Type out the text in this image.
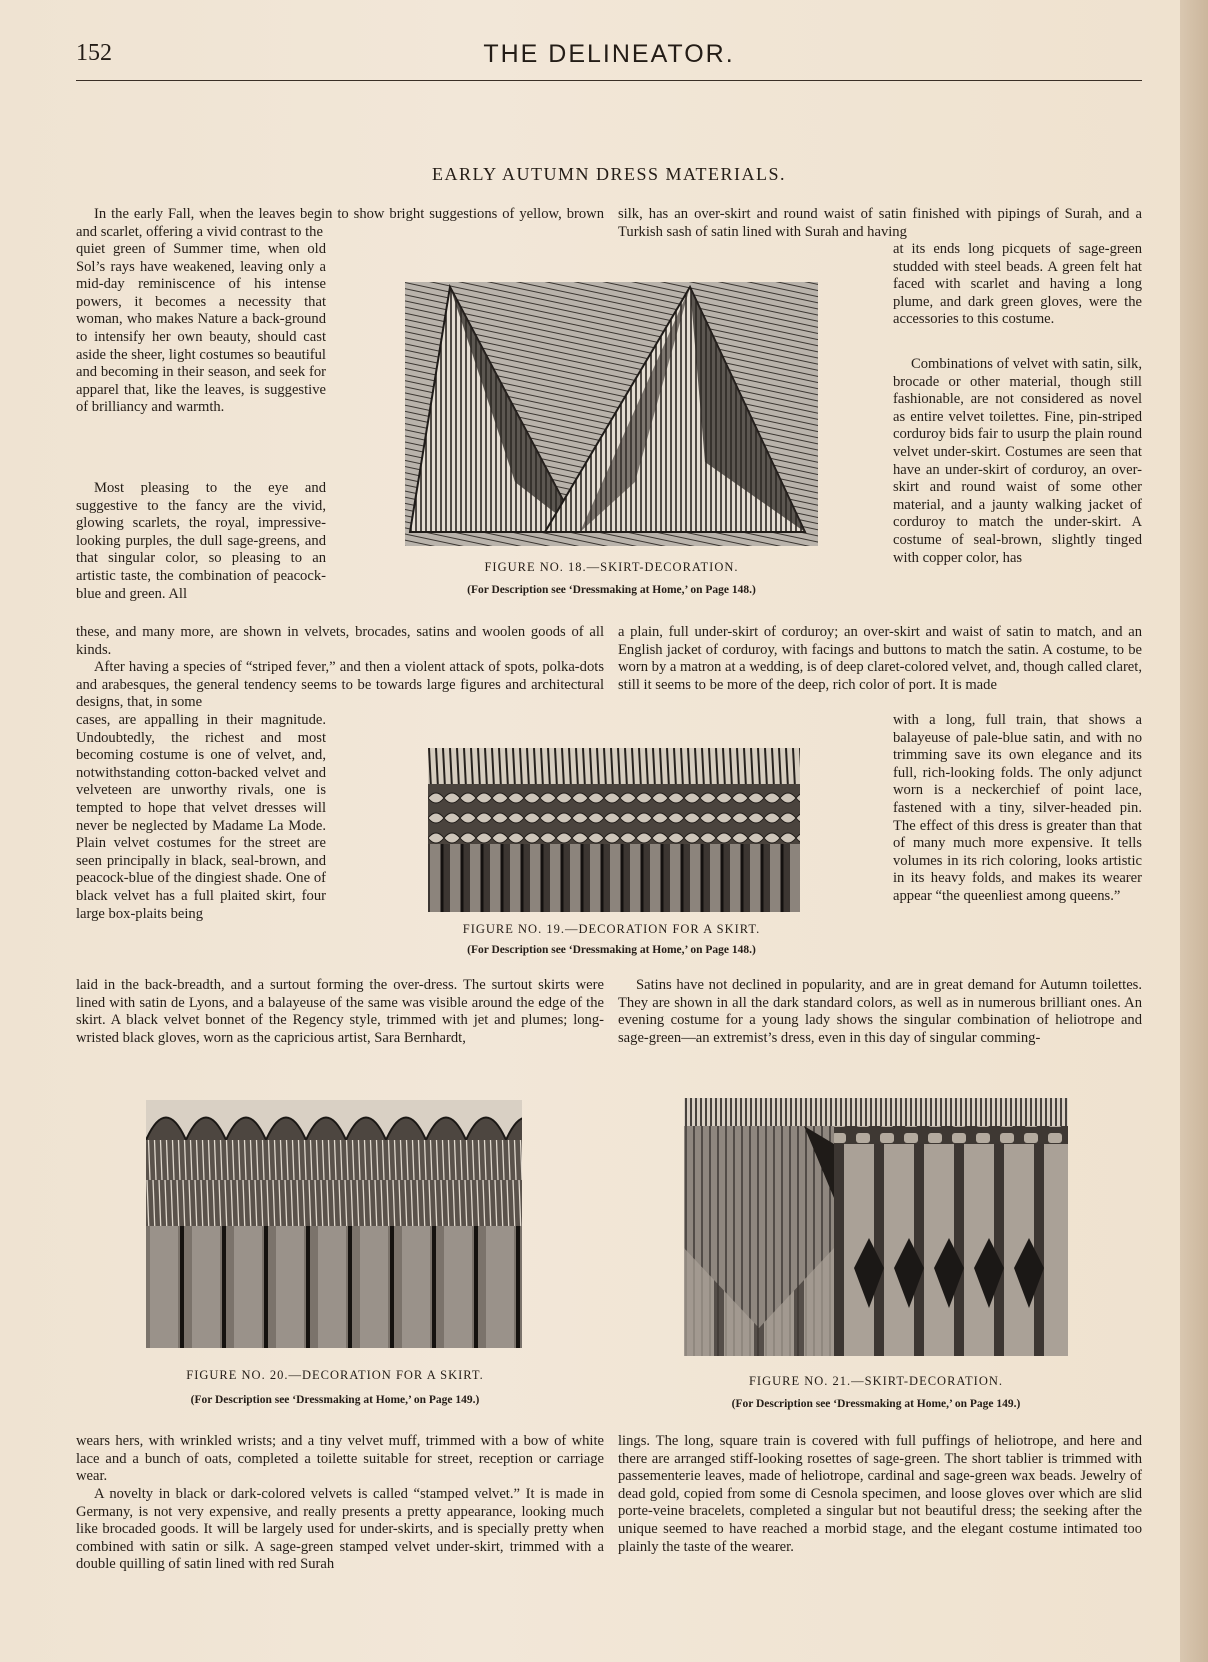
152	THE DELINEATOR.
EARLY AUTUMN DRESS MATERIALS.

In the early Fall, when the leaves begin to show bright suggestions of yellow, brown and scarlet, offering a vivid contrast to the

quiet green of Summer time, when old Sol’s rays have weakened, leaving only a mid-day reminiscence of his intense powers, it becomes a necessity that woman, who makes Nature a back-ground to intensify her own beauty, should cast aside the sheer, light costumes so beautiful and becoming in their season, and seek for apparel that, like the leaves, is suggestive of brilliancy and warmth.

Most pleasing to the eye and suggestive to the fancy are the vivid, glowing scarlets, the royal, impressive-looking purples, the dull sage-greens, and that singular color, so pleasing to an artistic taste, the combination of peacock-blue and green. All

these, and many more, are shown in velvets, brocades, satins and woolen goods of all kinds.

After having a species of “striped fever,” and then a violent attack of spots, polka-dots and arabesques, the general tendency seems to be towards large figures and architectural designs, that, in some

cases, are appalling in their magnitude. Undoubtedly, the richest and most becoming costume is one of velvet, and, notwithstanding cotton-backed velvet and velveteen are unworthy rivals, one is tempted to hope that velvet dresses will never be neglected by Madame La Mode. Plain velvet costumes for the street are seen principally in black, seal-brown, and peacock-blue of the dingiest shade. One of black velvet has a full plaited skirt, four large box-plaits being

laid in the back-breadth, and a surtout forming the over-dress. The surtout skirts were lined with satin de Lyons, and a balayeuse of the same was visible around the edge of the skirt. A black velvet bonnet of the Regency style, trimmed with jet and plumes; long-wristed black gloves, worn as the capricious artist, Sara Bernhardt,

silk, has an over-skirt and round waist of satin finished with pipings of Surah, and a Turkish sash of satin lined with Surah and having

at its ends long picquets of sage-green studded with steel beads. A green felt hat faced with scarlet and having a long plume, and dark green gloves, were the accessories to this costume.

Combinations of velvet with satin, silk, brocade or other material, though still fashionable, are not considered as novel as entire velvet toilettes. Fine, pin-striped corduroy bids fair to usurp the plain round velvet under-skirt. Costumes are seen that have an under-skirt of corduroy, an over-skirt and round waist of some other material, and a jaunty walking jacket of corduroy to match the under-skirt. A costume of seal-brown, slightly tinged with copper color, has

a plain, full under-skirt of corduroy; an over-skirt and waist of satin to match, and an English jacket of corduroy, with facings and buttons to match the satin. A costume, to be worn by a matron at a wedding, is of deep claret-colored velvet, and, though called claret, still it seems to be more of the deep, rich color of port. It is made

with a long, full train, that shows a balayeuse of pale-blue satin, and with no trimming save its own elegance and its full, rich-looking folds. The only adjunct worn is a neckerchief of point lace, fastened with a tiny, silver-headed pin. The effect of this dress is greater than that of many much more expensive. It tells volumes in its rich coloring, looks artistic in its heavy folds, and makes its wearer appear “the queenliest among queens.”

Satins have not declined in popularity, and are in great demand for Autumn toilettes. They are shown in all the dark standard colors, as well as in numerous brilliant ones. An evening costume for a young lady shows the singular combination of heliotrope and sage-green—an extremist’s dress, even in this day of singular comming-

wears hers, with wrinkled wrists; and a tiny velvet muff, trimmed with a bow of white lace and a bunch of oats, completed a toilette suitable for street, reception or carriage wear.

A novelty in black or dark-colored velvets is called “stamped velvet.” It is made in Germany, is not very expensive, and really presents a pretty appearance, looking much like brocaded goods. It will be largely used for under-skirts, and is specially pretty when combined with satin or silk. A sage-green stamped velvet under-skirt, trimmed with a double quilling of satin lined with red Surah

lings. The long, square train is covered with full puffings of heliotrope, and here and there are arranged stiff-looking rosettes of sage-green. The short tablier is trimmed with passementerie leaves, made of heliotrope, cardinal and sage-green wax beads. Jewelry of dead gold, copied from some di Cesnola specimen, and loose gloves over which are slid porte-veine bracelets, completed a singular but not beautiful dress; the seeking after the unique seemed to have reached a morbid stage, and the elegant costume intimated too plainly the taste of the wearer.

FIGURE NO. 18.—SKIRT-DECORATION.
(For Description see ‘Dressmaking at Home,’ on Page 148.)
FIGURE NO. 19.—DECORATION FOR A SKIRT.
(For Description see ‘Dressmaking at Home,’ on Page 148.)
FIGURE NO. 20.—DECORATION FOR A SKIRT.
(For Description see ‘Dressmaking at Home,’ on Page 149.)
FIGURE NO. 21.—SKIRT-DECORATION.
(For Description see ‘Dressmaking at Home,’ on Page 149.)
